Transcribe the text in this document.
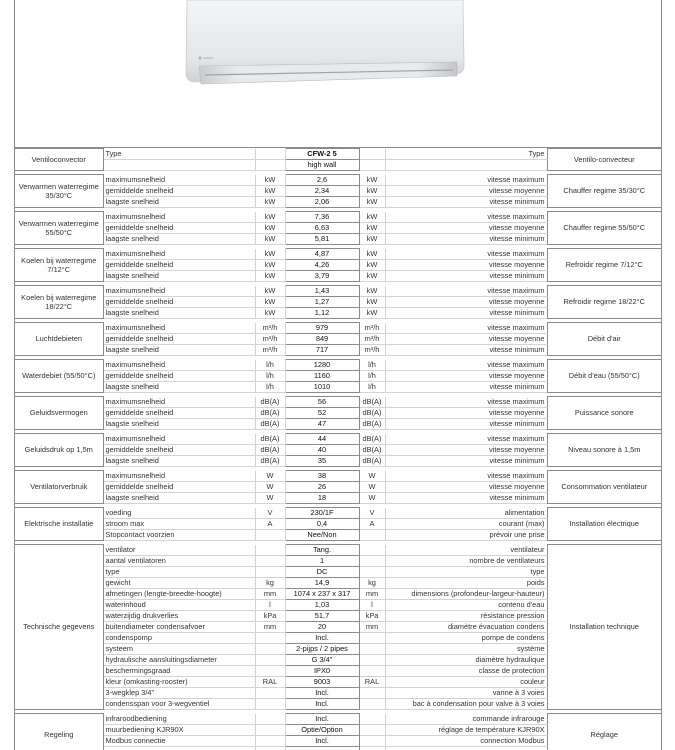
Ventiloconvector	Type		CFW-2 5		Type	Ventilo-convecteur
			high wall			

Verwarmen waterregime 35/30°C	maximumsnelheid	kW	2,6	kW	vitesse maximum	Chauffer regime 35/30°C
	gemiddelde snelheid	kW	2,34	kW	vitesse moyenne	
	laagste snelheid	kW	2,06	kW	vitesse minimum	

Verwarmen waterregime 55/50°C	maximumsnelheid	kW	7,36	kW	vitesse maximum	Chauffer regime 55/50°C
	gemiddelde snelheid	kW	6,63	kW	vitesse moyenne	
	laagste snelheid	kW	5,81	kW	vitesse minimum	

Koelen bij waterregime 7/12°C	maximumsnelheid	kW	4,87	kW	vitesse maximum	Refroidir regime 7/12°C
	gemiddelde snelheid	kW	4,26	kW	vitesse moyenne	
	laagste snelheid	kW	3,79	kW	vitesse minimum	

Koelen bij waterregime 18/22°C	maximumsnelheid	kW	1,43	kW	vitesse maximum	Refroidir regime 18/22°C
	gemiddelde snelheid	kW	1,27	kW	vitesse moyenne	
	laagste snelheid	kW	1,12	kW	vitesse minimum	

Luchtdebieten	maximumsnelheid	m³/h	979	m³/h	vitesse maximum	Débit d'air
	gemiddelde snelheid	m³/h	849	m³/h	vitesse moyenne	
	laagste snelheid	m³/h	717	m³/h	vitesse minimum	

Waterdebiet (55/50°C)	maximumsnelheid	l/h	1280	l/h	vitesse maximum	Débit d'eau (55/50°C)
	gemiddelde snelheid	l/h	1160	l/h	vitesse moyenne	
	laagste snelheid	l/h	1010	l/h	vitesse minimum	

Geluidsvermogen	maximumsnelheid	dB(A)	56	dB(A)	vitesse maximum	Puissance sonore
	gemiddelde snelheid	dB(A)	52	dB(A)	vitesse moyenne	
	laagste snelheid	dB(A)	47	dB(A)	vitesse minimum	

Geluidsdruk op 1,5m	maximumsnelheid	dB(A)	44	dB(A)	vitesse maximum	Niveau sonore à 1,5m
	gemiddelde snelheid	dB(A)	40	dB(A)	vitesse moyenne	
	laagste snelheid	dB(A)	35	dB(A)	vitesse minimum	

Ventilatorverbruik	maximumsnelheid	W	38	W	vitesse maximum	Consommation ventilateur
	gemiddelde snelheid	W	26	W	vitesse moyenne	
	laagste snelheid	W	18	W	vitesse minimum	

Elektrische installatie	voeding	V	230/1F	V	alimentation	Installation électrique
	stroom max	A	0,4	A	courant (max)	
	Stopcontact voorzien		Nee/Non		prévoir une prise	

Technische gegevens	ventilator		Tang.		ventilateur	Installation technique
	aantal ventilatoren		1		nombre de ventilateurs	
	type		DC		type	
	gewicht	kg	14,9	kg	poids	
	afmetingen (lengte-breedte-hoogte)	mm	1074 x 237 x 317	mm	dimensions (profondeur-largeur-hauteur)	
	waterinhoud	l	1,03	l	contenu d'eau	
	waterzijdig drukverlies	kPa	51,7	kPa	résistance pression	
	buitendiameter condensafvoer	mm	20	mm	diamètre évacuation condens	
	condenspomp		Incl.		pompe de condens	
	systeem		2-pijps / 2 pipes		système	
	hydraulische aansluitingsdiameter		G 3/4"		diamètre hydraulique	
	beschermingsgraad		IPX0		classe de protection	
	kleur (omkasting-rooster)	RAL	9003	RAL	couleur	
	3-wegklep 3/4"		Incl.		vanne à 3 voies	
	condensspan voor 3-wegventiel		Incl.		bac à condensation pour valve à 3 voies	

Regeling	infraroodbediening		Incl.		commande infrarouge	Réglage
	muurbediening KJR90X		Optie/Option		réglage de température KJR90X	
	Modbus connectie		Incl.		connection Modbus	
